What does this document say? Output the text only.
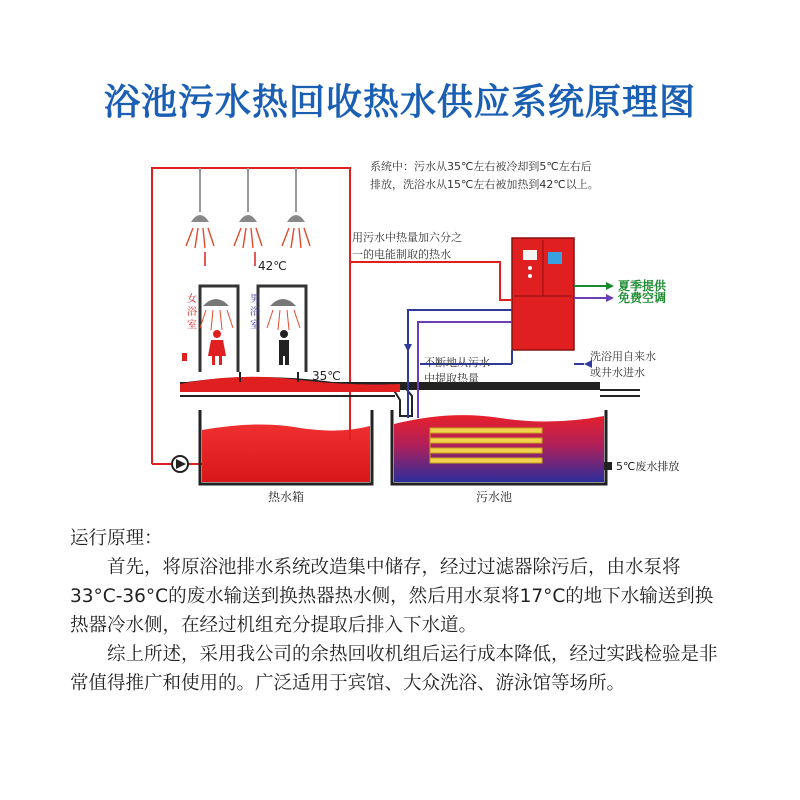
浴池污水热回收热水供应系统原理图
42℃
女浴室
男浴室
35℃
热水箱	污水池
5℃废水排放
系统中：污水从35℃左右被冷却到5℃左右后 排放，洗浴水从15℃左右被加热到42℃以上。
用污水中热量加六分之 一的电能制取的热水
夏季提供
免费空调
不断地从污水 中提取热量
洗浴用自来水 或井水进水

运行原理：

首先，将原浴池排水系统改造集中储存，经过过滤器除污后，由水泵将33°C-36°C的废水输送到换热器热水侧，然后用水泵将17°C的地下水输送到换热器冷水侧，在经过机组充分提取后排入下水道。

综上所述，采用我公司的余热回收机组后运行成本降低，经过实践检验是非常值得推广和使用的。广泛适用于宾馆、大众洗浴、游泳馆等场所。
